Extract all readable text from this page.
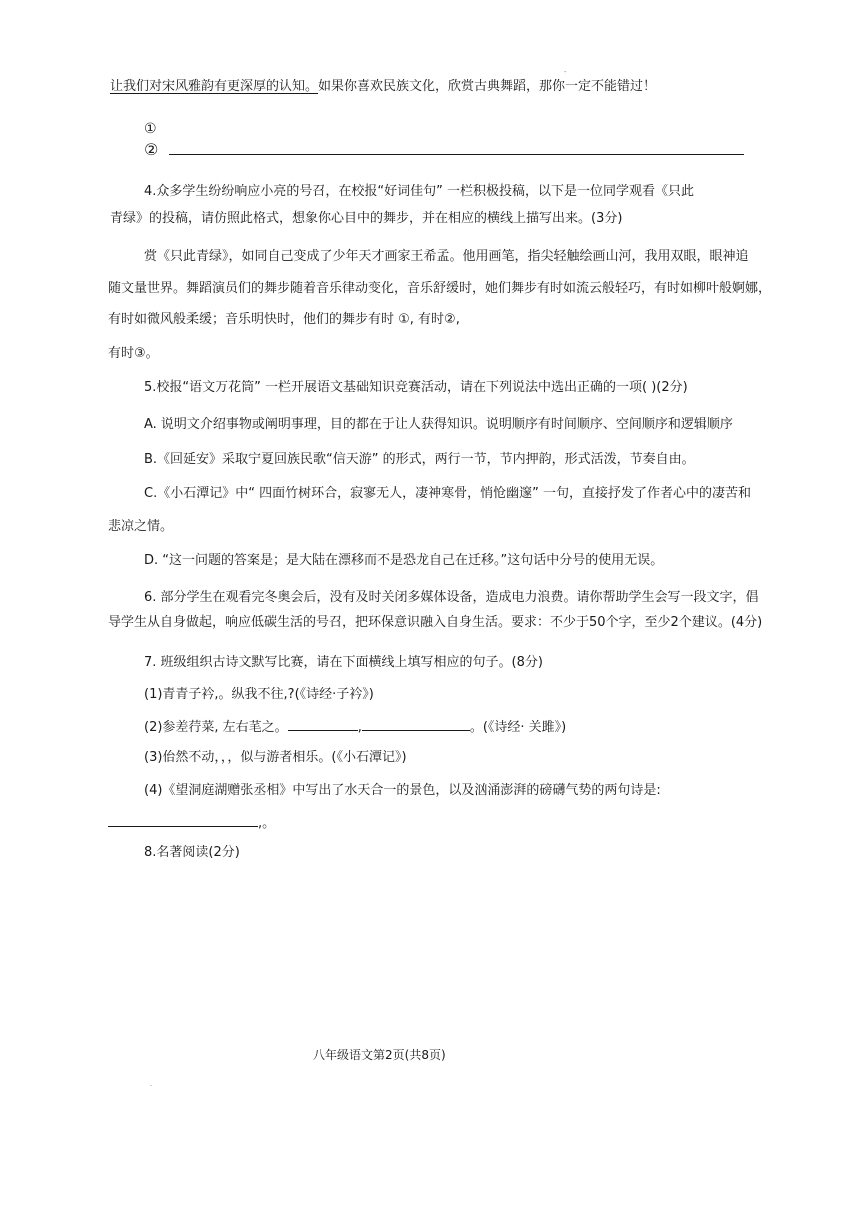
-
让我们对宋风雅韵有更深厚的认知。如果你喜欢民族文化，欣赏古典舞蹈，那你一定不能错过！
①
②
4.众多学生纷纷响应小亮的号召，在校报“好词佳句” 一栏积极投稿，以下是一位同学观看《只此
青绿》的投稿，请仿照此格式，想象你心目中的舞步，并在相应的横线上描写出来。(3分)
赏《只此青绿》，如同自己变成了少年天才画家王希孟。他用画笔，指尖轻触绘画山河，我用双眼，眼神追
随文量世界。舞蹈演员们的舞步随着音乐律动变化，音乐舒缓时，她们舞步有时如流云般轻巧，有时如柳叶般婀娜，
有时如微风般柔缓；音乐明快时，他们的舞步有时 ①, 有时②,
有时③。
5.校报“语文万花筒” 一栏开展语文基础知识竞赛活动，请在下列说法中选出正确的一项( )(2分)
A. 说明文介绍事物或阐明事理，目的都在于让人获得知识。说明顺序有时间顺序、空间顺序和逻辑顺序
B.《回延安》采取宁夏回族民歌“信天游” 的形式，两行一节，节内押韵，形式活泼，节奏自由。
C.《小石潭记》中“ 四面竹树环合，寂寥无人，凄神寒骨，悄怆幽邃” 一句，直接抒发了作者心中的凄苦和
悲凉之情。
D. “这一问题的答案是；是大陆在漂移而不是恐龙自己在迁移。”这句话中分号的使用无误。
6. 部分学生在观看完冬奥会后，没有及时关闭多媒体设备，造成电力浪费。请你帮助学生会写一段文字，倡
导学生从自身做起，响应低碳生活的号召，把环保意识融入自身生活。要求：不少于50个字，至少2个建议。(4分)
7. 班级组织古诗文默写比赛，请在下面横线上填写相应的句子。(8分)
(1)青青子衿,。纵我不往,?(《诗经·子衿》)
(2)参差荇菜, 左右芼之。	,	。(《诗经· 关雎》)
(3)佁然不动，，，似与游者相乐。(《小石潭记》)
(4)《望洞庭湖赠张丞相》中写出了水天合一的景色，以及汹涌澎湃的磅礴气势的两句诗是:
,。
8.名著阅读(2分)
八年级语文第2页(共8页)
.
